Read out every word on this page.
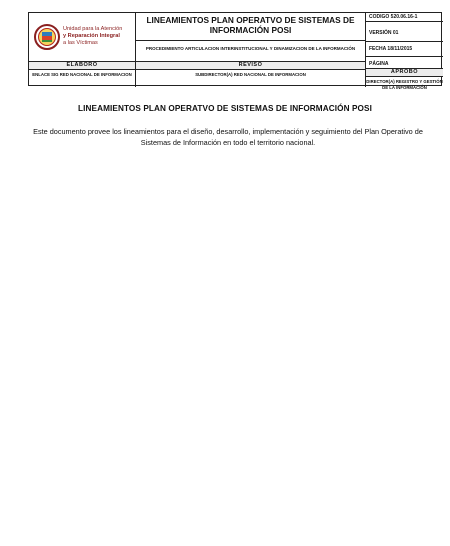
Unidad para la Atención
y Reparación Integral
a las Víctimas
LINEAMIENTOS PLAN OPERATVO DE SISTEMAS DE INFORMACIÓN POSI
PROCEDIMIENTO ARTICULACION INTERINSTITUCIONAL Y DINAMIZACION DE LA INFORMACIÓN
CODIGO 520.06.16-1
VERSIÓN 01
FECHA 18/11/2015
PÁGINA
ELABORO
ENLACE SIG RED NACIONAL DE INFORMACION
REVISO
SUBDIRECTOR(A) RED NACIONAL DE INFORMACION	APROBO
DIRECTOR(A) REGISTRO Y GESTIÓN DE LA INFORMACIÓN
LINEAMIENTOS PLAN OPERATVO DE SISTEMAS DE INFORMACIÓN POSI
Este documento provee los lineamientos para el diseño, desarrollo, implementación y seguimiento del Plan Operativo de Sistemas de Información en todo el territorio nacional.
